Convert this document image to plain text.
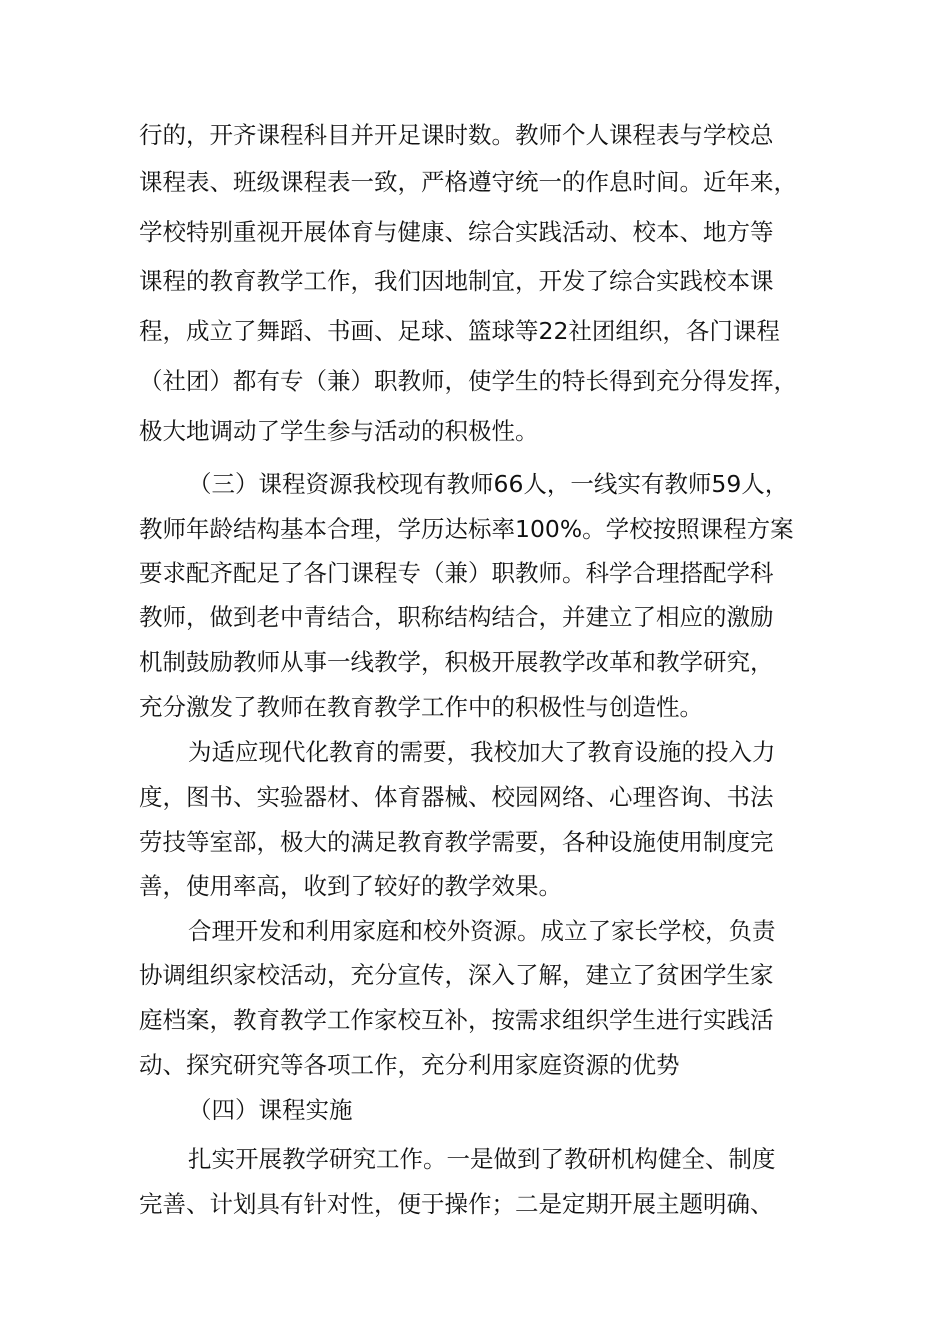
行的，开齐课程科目并开足课时数。教师个人课程表与学校总

课程表、班级课程表一致，严格遵守统一的作息时间。近年来，

学校特别重视开展体育与健康、综合实践活动、校本、地方等

课程的教育教学工作，我们因地制宜，开发了综合实践校本课

程，成立了舞蹈、书画、足球、篮球等22社团组织，各门课程

（社团）都有专（兼）职教师，使学生的特长得到充分得发挥，

极大地调动了学生参与活动的积极性。

（三）课程资源我校现有教师66人，一线实有教师59人，

教师年龄结构基本合理，学历达标率100%。学校按照课程方案

要求配齐配足了各门课程专（兼）职教师。科学合理搭配学科

教师，做到老中青结合，职称结构结合，并建立了相应的激励

机制鼓励教师从事一线教学，积极开展教学改革和教学研究，

充分激发了教师在教育教学工作中的积极性与创造性。

为适应现代化教育的需要，我校加大了教育设施的投入力

度，图书、实验器材、体育器械、校园网络、心理咨询、书法

劳技等室部，极大的满足教育教学需要，各种设施使用制度完

善，使用率高，收到了较好的教学效果。

合理开发和利用家庭和校外资源。成立了家长学校，负责

协调组织家校活动，充分宣传，深入了解，建立了贫困学生家

庭档案，教育教学工作家校互补，按需求组织学生进行实践活

动、探究研究等各项工作，充分利用家庭资源的优势

（四）课程实施

扎实开展教学研究工作。一是做到了教研机构健全、制度

完善、计划具有针对性，便于操作；二是定期开展主题明确、
